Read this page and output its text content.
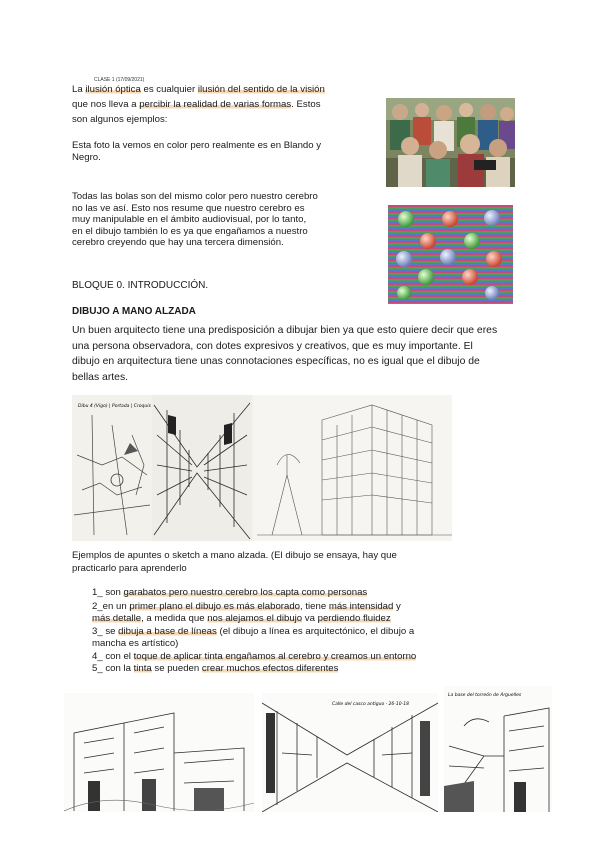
CLASE 1 (17/09/2021)
La ilusión óptica es cualquier ilusión del sentido de la visión
que nos lleva a percibir la realidad de varias formas. Estos
son algunos ejemplos:
Esta foto la vemos en color pero realmente es en Blando y
Negro.
Todas las bolas son del mismo color pero nuestro cerebro
no las ve así. Esto nos resume que nuestro cerebro es
muy manipulable en el ámbito audiovisual, por lo tanto,
en el dibujo también lo es ya que engañamos a nuestro
cerebro creyendo que hay una tercera dimensión.
BLOQUE 0. INTRODUCCIÓN.
DIBUJO A MANO ALZADA
Un buen arquitecto tiene una predisposición a dibujar bien ya que esto quiere decir que eres
una persona observadora, con dotes expresivos y creativos, que es muy importante. El
dibujo en arquitectura tiene unas connotaciones específicas, no es igual que el dibujo de
bellas artes.
Dibu 4 (Vigo) | Portada | Croquis
Ejemplos de apuntes o sketch a mano alzada. (El dibujo se ensaya, hay que
practicarlo para aprenderlo
1_ son garabatos pero nuestro cerebro los capta como personas
2_en un primer plano el dibujo es más elaborado, tiene más intensidad y
más detalle, a medida que nos alejamos el dibujo va perdiendo fluidez
3_ se dibuja a base de líneas (el dibujo a línea es arquitectónico, el dibujo a
mancha es artístico)
4_ con el toque de aplicar tinta engañamos al cerebro y creamos un entorno
5_ con la tinta se pueden crear muchos efectos diferentes
Calle del casco antiguo · 26-10-18
La base del torreón de Arguelles
